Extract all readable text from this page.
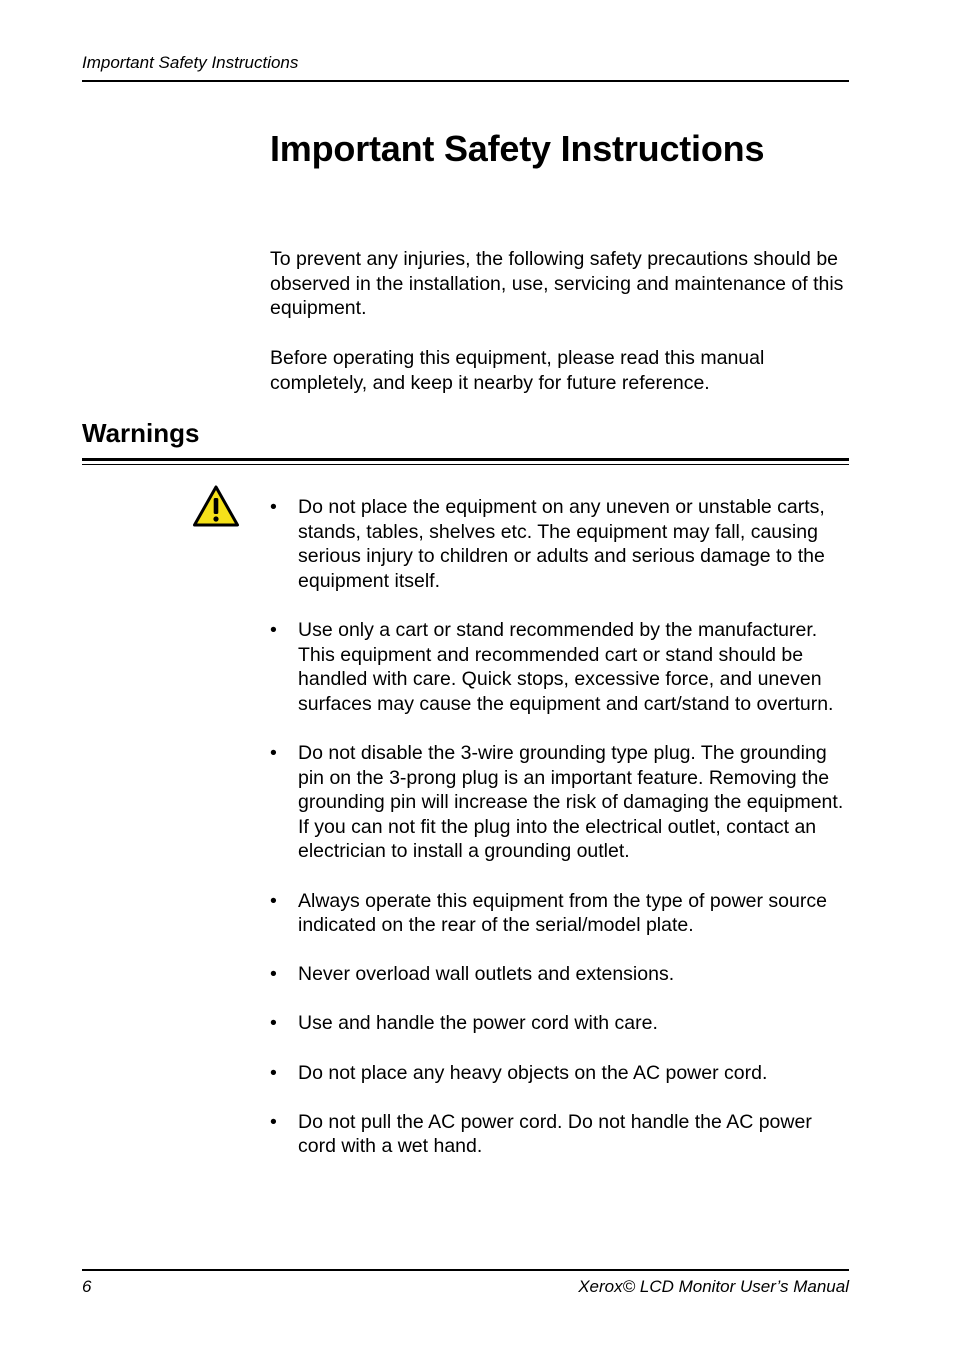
Important Safety Instructions
Important Safety Instructions

To prevent any injuries, the following safety precautions should be observed in the installation, use, servicing and maintenance of this equipment.

Before operating this equipment, please read this manual completely, and keep it nearby for future reference.

Warnings
• Do not place the equipment on any uneven or unstable carts, stands, tables, shelves etc. The equipment may fall, causing serious injury to children or adults and serious damage to the equipment itself.
• Use only a cart or stand recommended by the manufacturer. This equipment and recommended cart or stand should be handled with care. Quick stops, excessive force, and uneven surfaces may cause the equipment and cart/stand to overturn.
• Do not disable the 3-wire grounding type plug. The grounding pin on the 3-prong plug is an important feature. Removing the grounding pin will increase the risk of damaging the equipment. If you can not fit the plug into the electrical outlet, contact an electrician to install a grounding outlet.
• Always operate this equipment from the type of power source indicated on the rear of the serial/model plate.
• Never overload wall outlets and extensions.
• Use and handle the power cord with care.
• Do not place any heavy objects on the AC power cord.
• Do not pull the AC power cord. Do not handle the AC power cord with a wet hand.
6	Xerox© LCD Monitor User’s Manual
